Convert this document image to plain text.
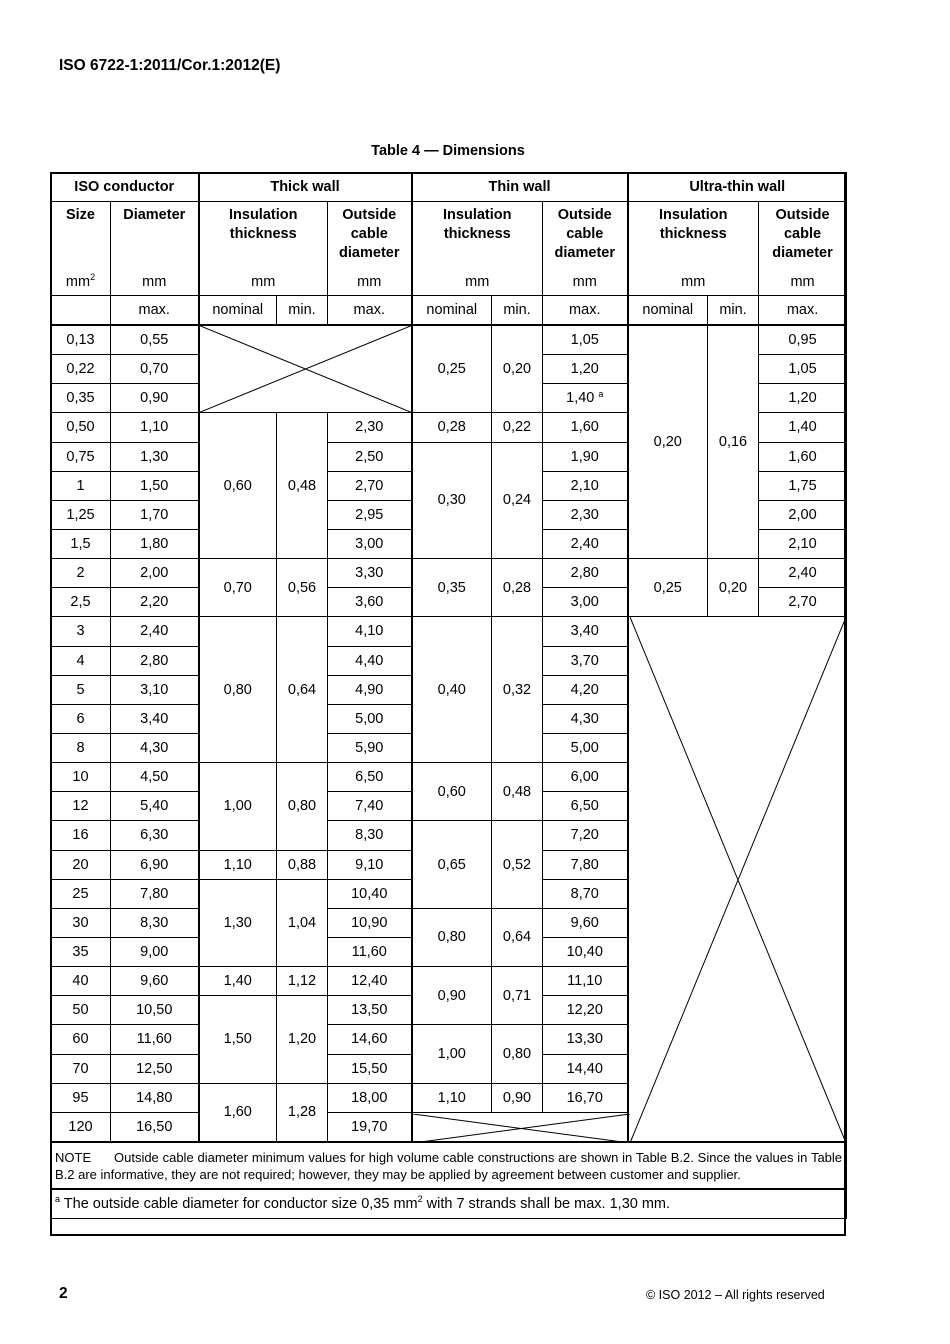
ISO 6722-1:2011/Cor.1:2012(E)
Table 4 — Dimensions
ISO conductor		Thick wall			Thin wall			Ultra-thin wall		
Size	Diameter	Insulation thickness		Outside cable diameter	Insulation thickness		Outside cable diameter	Insulation thickness		Outside cable diameter
$mm^2$	mm	mm		mm	mm		mm	mm		mm
	max.	nominal	min.	max.	nominal	min.	max.	nominal	min.	max.
0,13	0,55				0,25	0,20	1,05	0,20	0,16	0,95
0,22	0,70						1,20			1,05
0,35	0,90						1,40 $^a$			1,20
0,50	1,10	0,60	0,48	2,30	0,28	0,22	1,60			1,40
0,75	1,30			2,50	0,30	0,24	1,90			1,60
1	1,50			2,70			2,10			1,75
1,25	1,70			2,95			2,30			2,00
1,5	1,80			3,00			2,40			2,10
2	2,00	0,70	0,56	3,30	0,35	0,28	2,80	0,25	0,20	2,40
2,5	2,20			3,60			3,00			2,70
3	2,40	0,80	0,64	4,10	0,40	0,32	3,40			
4	2,80			4,40			3,70			
5	3,10			4,90			4,20			
6	3,40			5,00			4,30			
8	4,30			5,90			5,00			
10	4,50	1,00	0,80	6,50	0,60	0,48	6,00			
12	5,40			7,40			6,50			
16	6,30			8,30	0,65	0,52	7,20			
20	6,90	1,10	0,88	9,10			7,80			
25	7,80	1,30	1,04	10,40			8,70			
30	8,30			10,90	0,80	0,64	9,60			
35	9,00			11,60			10,40			
40	9,60	1,40	1,12	12,40	0,90	0,71	11,10			
50	10,50	1,50	1,20	13,50			12,20			
60	11,60			14,60	1,00	0,80	13,30			
70	12,50			15,50			14,40			
95	14,80	1,60	1,28	18,00	1,10	0,90	16,70			
120	16,50			19,70						
NOTE Outside cable diameter minimum values for high volume cable constructions are shown in Table B.2. Since the values in Table B.2 are informative, they are not required; however, they may be applied by agreement between customer and supplier.										
$^a$ The outside cable diameter for conductor size 0,35 $mm^2$ with 7 strands shall be max. 1,30 mm.										
2	© ISO 2012 – All rights reserved
